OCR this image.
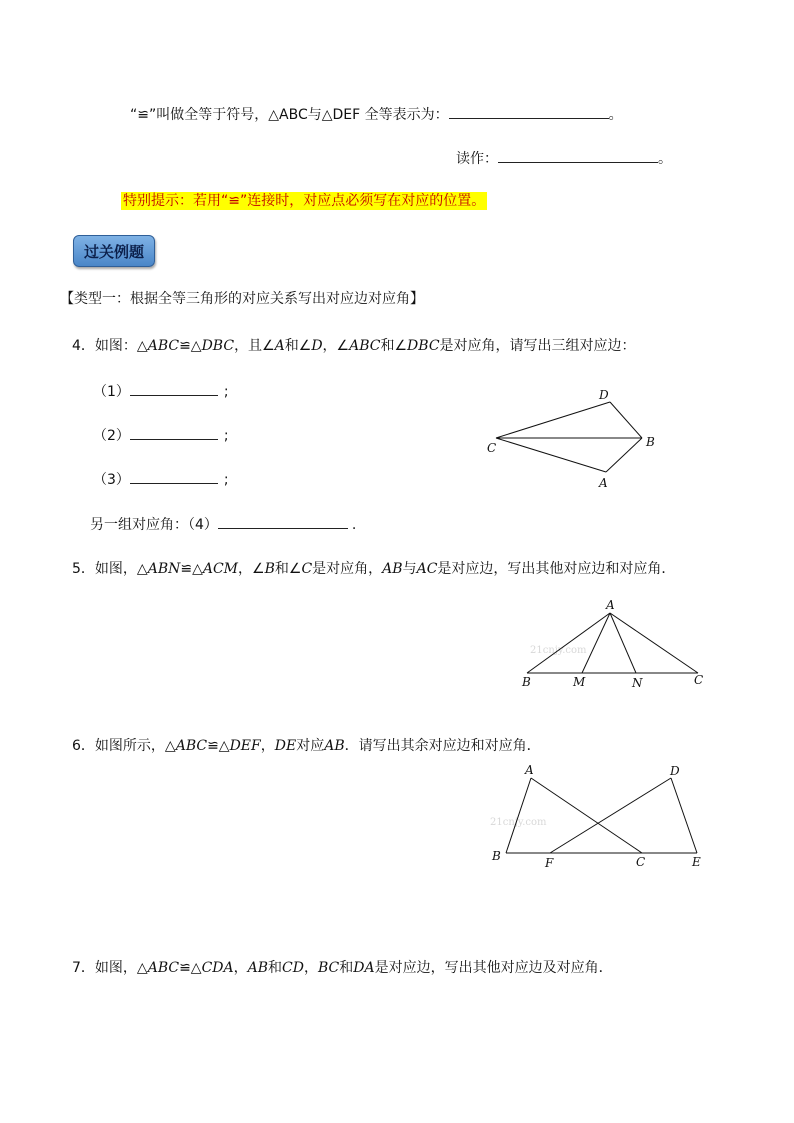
“≌”叫做全等于符号，△ABC与△DEF 全等表示为：	。
读作：	。
特别提示：若用“≌”连接时，对应点必须写在对应的位置。
过关例题
【类型一：根据全等三角形的对应关系写出对应边对应角】
4．如图：△ABC≌△DBC，且∠A和∠D，∠ABC和∠DBC是对应角，请写出三组对应边：
（1）	;
（2）	;
（3）	;
另一组对应角：（4）	.
D
C	B
A
5．如图，△ABN≌△ACM，∠B和∠C是对应角，AB与AC是对应边，写出其他对应边和对应角．
21cnjy.com
A
B	M	N	C
6．如图所示，△ABC≌△DEF，DE对应AB．请写出其余对应边和对应角．
21cnjy.com
A	D
B	F	C	E
7．如图，△ABC≌△CDA，AB和CD，BC和DA是对应边，写出其他对应边及对应角．
